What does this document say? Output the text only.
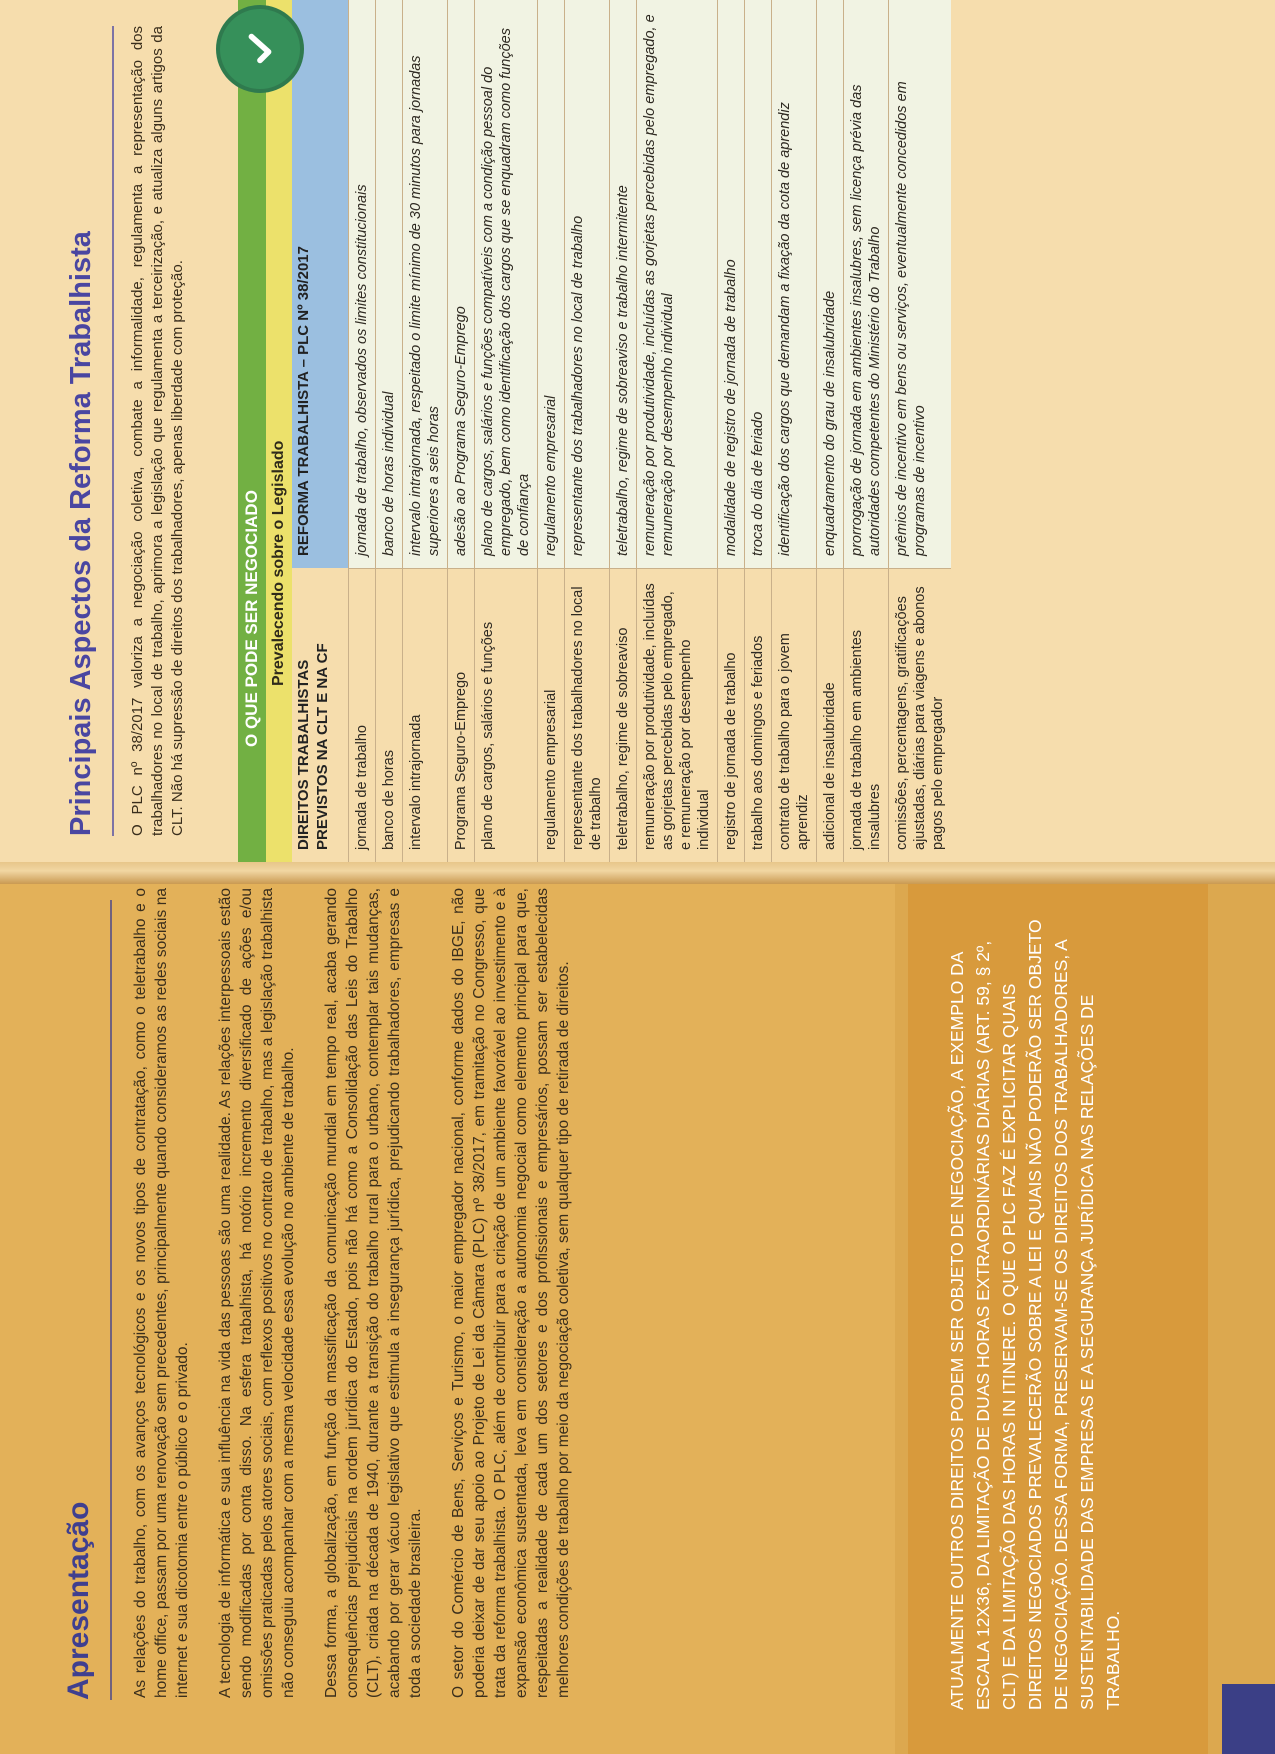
Apresentação As relações do trabalho, com os avanços tecnológicos e os novos tipos de contratação, como o teletrabalho e o home office, passam por uma renovação sem precedentes, principalmente quando consideramos as redes sociais na internet e sua dicotomia entre o público e o privado. A tecnologia de informática e sua influência na vida das pessoas são uma realidade. As relações interpessoais estão sendo modificadas por conta disso. Na esfera trabalhista, há notório incremento diversificado de ações e/ou omissões praticadas pelos atores sociais, com reflexos positivos no contrato de trabalho, mas a legislação trabalhista não conseguiu acompanhar com a mesma velocidade essa evolução no ambiente de trabalho. Dessa forma, a globalização, em função da massificação da comunicação mundial em tempo real, acaba gerando consequências prejudiciais na ordem jurídica do Estado, pois não há como a Consolidação das Leis do Trabalho (CLT), criada na década de 1940, durante a transição do trabalho rural para o urbano, contemplar tais mudanças, acabando por gerar vácuo legislativo que estimula a insegurança jurídica, prejudicando trabalhadores, empresas e toda a sociedade brasileira. O setor do Comércio de Bens, Serviços e Turismo, o maior empregador nacional, conforme dados do IBGE, não poderia deixar de dar seu apoio ao Projeto de Lei da Câmara (PLC) nº 38/2017, em tramitação no Congresso, que trata da reforma trabalhista. O PLC, além de contribuir para a criação de um ambiente favorável ao investimento e à expansão econômica sustentada, leva em consideração a autonomia negocial como elemento principal para que, respeitadas a realidade de cada um dos setores e dos profissionais e empresários, possam ser estabelecidas melhores condições de trabalho por meio da negociação coletiva, sem qualquer tipo de retirada de direitos.	ATUALMENTE OUTROS DIREITOS PODEM SER OBJETO DE NEGOCIAÇÃO, A EXEMPLO DA ESCALA 12X36, DA LIMITAÇÃO DE DUAS HORAS EXTRAORDINÁRIAS DIÁRIAS (ART. 59, § 2º, CLT) E DA LIMITAÇÃO DAS HORAS IN ITINERE. O QUE O PLC FAZ É EXPLICITAR QUAIS DIREITOS NEGOCIADOS PREVALECERÃO SOBRE A LEI E QUAIS NÃO PODERÃO SER OBJETO DE NEGOCIAÇÃO. DESSA FORMA, PRESERVAM-SE OS DIREITOS DOS TRABALHADORES, A SUSTENTABILIDADE DAS EMPRESAS E A SEGURANÇA JURÍDICA NAS RELAÇÕES DE TRABALHO.

Principais Aspectos da Reforma Trabalhista O PLC nº 38/2017 valoriza a negociação coletiva, combate a informalidade, regulamenta a representação dos trabalhadores no local de trabalho, aprimora a legislação que regulamenta a terceirização, e atualiza alguns artigos da CLT. Não há supressão de direitos dos trabalhadores, apenas liberdade com proteção.	O QUE PODE SER NEGOCIADO Prevalecendo sobre o Legislado
DIREITOS TRABALHISTAS PREVISTOS NA CLT E NA CF
REFORMA TRABALHISTA – PLC Nº 38/2017
jornada de trabalho
jornada de trabalho, observados os limites constitucionais
banco de horas
banco de horas individual
intervalo intrajornada
intervalo intrajornada, respeitado o limite mínimo de 30 minutos para jornadas superiores a seis horas
Programa Seguro-Emprego
adesão ao Programa Seguro-Emprego
plano de cargos, salários e funções
plano de cargos, salários e funções compatíveis com a condição pessoal do empregado, bem como identificação dos cargos que se enquadram como funções de confiança
regulamento empresarial
regulamento empresarial
representante dos trabalhadores no local de trabalho
representante dos trabalhadores no local de trabalho
teletrabalho, regime de sobreaviso
teletrabalho, regime de sobreaviso e trabalho intermitente
remuneração por produtividade, incluídas as gorjetas percebidas pelo empregado, e remuneração por desempenho individual
remuneração por produtividade, incluídas as gorjetas percebidas pelo empregado, e remuneração por desempenho individual
registro de jornada de trabalho
modalidade de registro de jornada de trabalho
trabalho aos domingos e feriados
troca do dia de feriado
contrato de trabalho para o jovem aprendiz
identificação dos cargos que demandam a fixação da cota de aprendiz
adicional de insalubridade
enquadramento do grau de insalubridade
jornada de trabalho em ambientes insalubres
prorrogação de jornada em ambientes insalubres, sem licença prévia das autoridades competentes do Ministério do Trabalho
comissões, percentagens, gratificações ajustadas, diárias para viagens e abonos pagos pelo empregador
prêmios de incentivo em bens ou serviços, eventualmente concedidos em programas de incentivo
